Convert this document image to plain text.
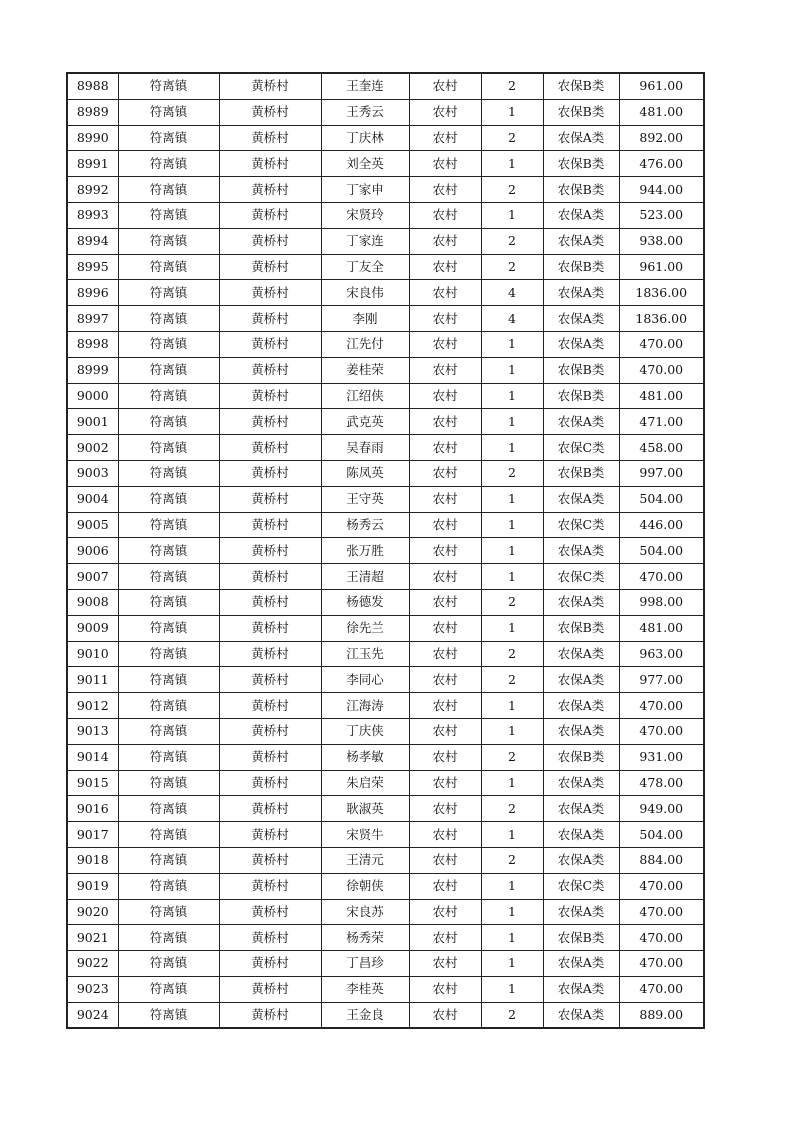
8988	符离镇	黄桥村	王奎连	农村	2	农保B类	961.00
8989	符离镇	黄桥村	王秀云	农村	1	农保B类	481.00
8990	符离镇	黄桥村	丁庆林	农村	2	农保A类	892.00
8991	符离镇	黄桥村	刘全英	农村	1	农保B类	476.00
8992	符离镇	黄桥村	丁家申	农村	2	农保B类	944.00
8993	符离镇	黄桥村	宋贤玲	农村	1	农保A类	523.00
8994	符离镇	黄桥村	丁家连	农村	2	农保A类	938.00
8995	符离镇	黄桥村	丁友全	农村	2	农保B类	961.00
8996	符离镇	黄桥村	宋良伟	农村	4	农保A类	1836.00
8997	符离镇	黄桥村	李刚	农村	4	农保A类	1836.00
8998	符离镇	黄桥村	江先付	农村	1	农保A类	470.00
8999	符离镇	黄桥村	姜桂荣	农村	1	农保B类	470.00
9000	符离镇	黄桥村	江绍侠	农村	1	农保B类	481.00
9001	符离镇	黄桥村	武克英	农村	1	农保A类	471.00
9002	符离镇	黄桥村	吴春雨	农村	1	农保C类	458.00
9003	符离镇	黄桥村	陈凤英	农村	2	农保B类	997.00
9004	符离镇	黄桥村	王守英	农村	1	农保A类	504.00
9005	符离镇	黄桥村	杨秀云	农村	1	农保C类	446.00
9006	符离镇	黄桥村	张万胜	农村	1	农保A类	504.00
9007	符离镇	黄桥村	王清超	农村	1	农保C类	470.00
9008	符离镇	黄桥村	杨德发	农村	2	农保A类	998.00
9009	符离镇	黄桥村	徐先兰	农村	1	农保B类	481.00
9010	符离镇	黄桥村	江玉先	农村	2	农保A类	963.00
9011	符离镇	黄桥村	李同心	农村	2	农保A类	977.00
9012	符离镇	黄桥村	江海涛	农村	1	农保A类	470.00
9013	符离镇	黄桥村	丁庆侠	农村	1	农保A类	470.00
9014	符离镇	黄桥村	杨孝敏	农村	2	农保B类	931.00
9015	符离镇	黄桥村	朱启荣	农村	1	农保A类	478.00
9016	符离镇	黄桥村	耿淑英	农村	2	农保A类	949.00
9017	符离镇	黄桥村	宋贤牛	农村	1	农保A类	504.00
9018	符离镇	黄桥村	王清元	农村	2	农保A类	884.00
9019	符离镇	黄桥村	徐朝侠	农村	1	农保C类	470.00
9020	符离镇	黄桥村	宋良苏	农村	1	农保A类	470.00
9021	符离镇	黄桥村	杨秀荣	农村	1	农保B类	470.00
9022	符离镇	黄桥村	丁昌珍	农村	1	农保A类	470.00
9023	符离镇	黄桥村	李桂英	农村	1	农保A类	470.00
9024	符离镇	黄桥村	王金良	农村	2	农保A类	889.00
